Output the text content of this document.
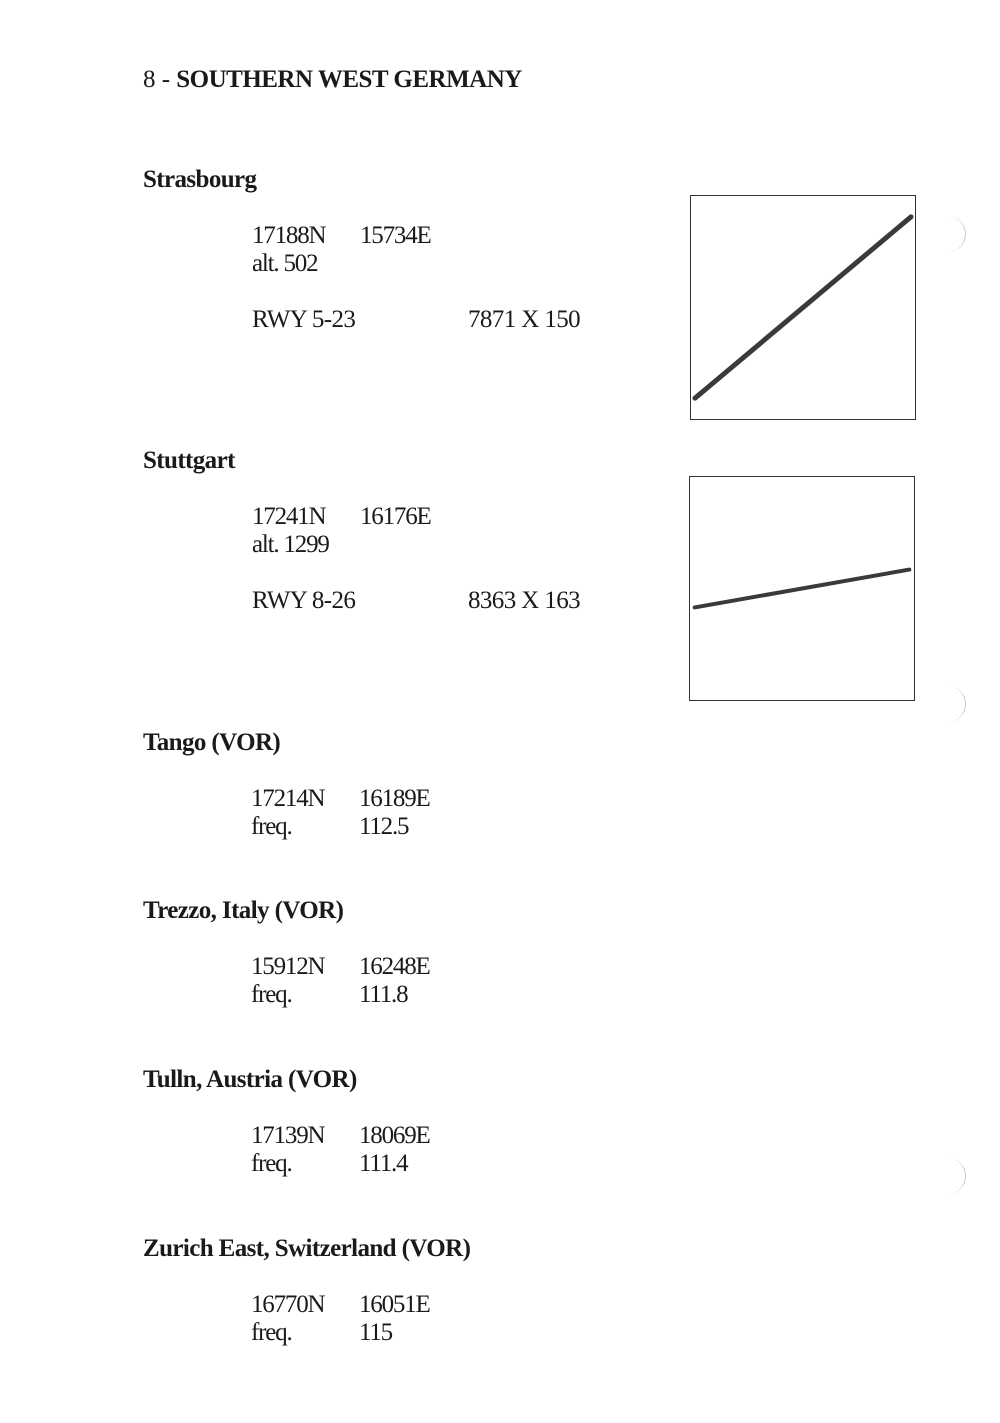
8 - SOUTHERN WEST GERMANY
Strasbourg
17188N 15734E
alt. 502
RWY 5-23	7871 X 150
Stuttgart
17241N 16176E
alt. 1299
RWY 8-26	8363 X 163
Tango (VOR)
17214N 16189E
freq.	112.5
Trezzo, Italy (VOR)
15912N 16248E
freq.	111.8
Tulln, Austria (VOR)
17139N 18069E
freq.	111.4
Zurich East, Switzerland (VOR)
16770N 16051E
freq.	115
